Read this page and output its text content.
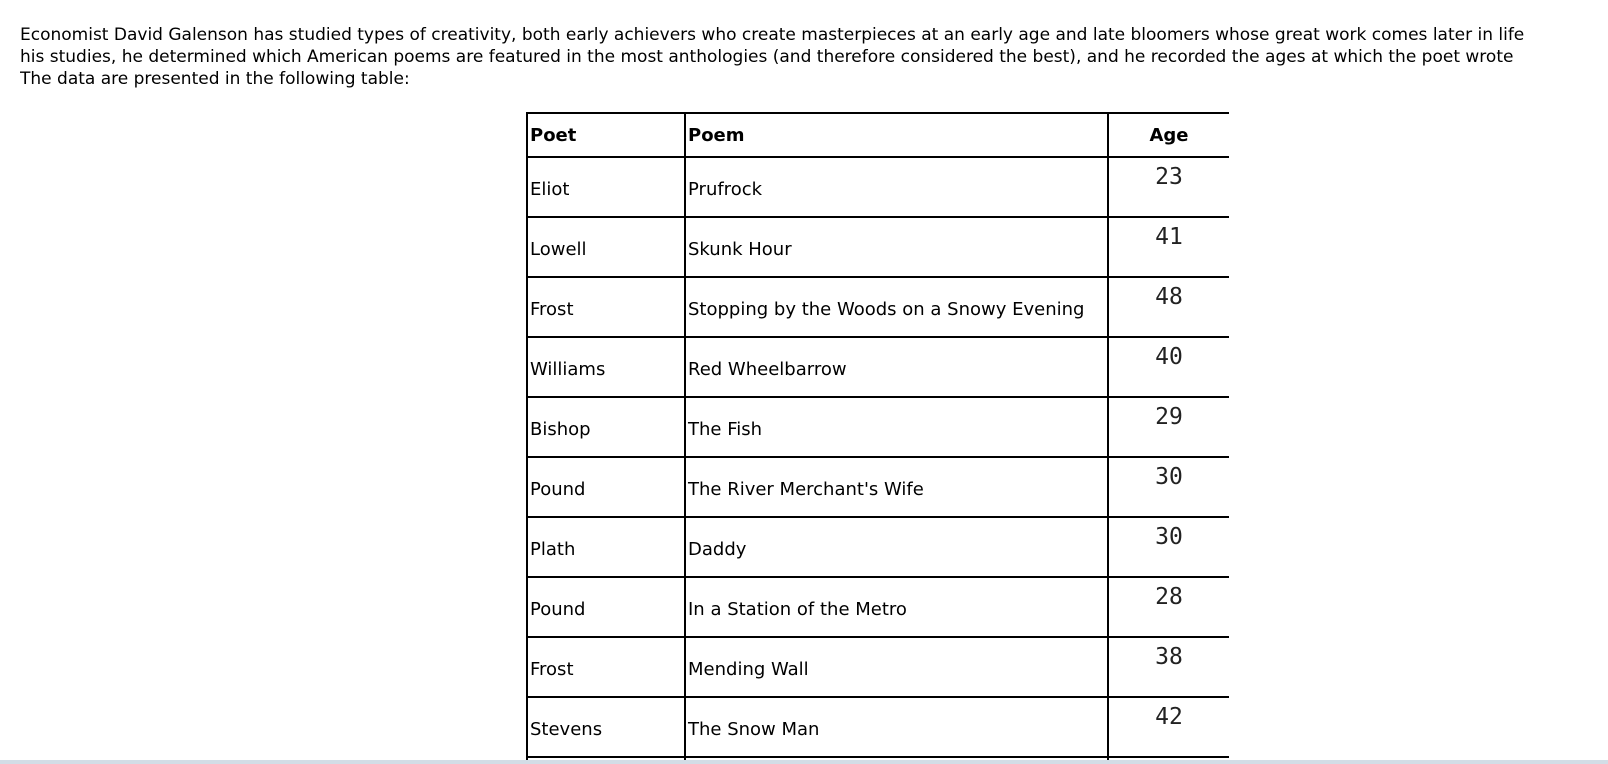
Economist David Galenson has studied types of creativity, both early achievers who create masterpieces at an early age and late bloomers whose great work comes later in life
his studies, he determined which American poems are featured in the most anthologies (and therefore considered the best), and he recorded the ages at which the poet wrote
The data are presented in the following table:
Poet	Poem	Age
Eliot	Prufrock	23
Lowell	Skunk Hour	41
Frost	Stopping by the Woods on a Snowy Evening	48
Williams	Red Wheelbarrow	40
Bishop	The Fish	29
Pound	The River Merchant's Wife	30
Plath	Daddy	30
Pound	In a Station of the Metro	28
Frost	Mending Wall	38
Stevens	The Snow Man	42
